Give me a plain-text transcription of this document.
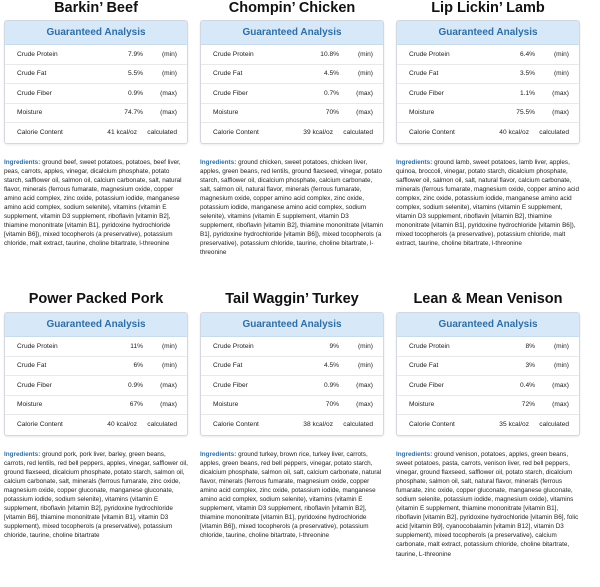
Barkin’ Beef
Guaranteed Analysis
Crude Protein	7.9%	(min)
Crude Fat	5.5%	(min)
Crude Fiber	0.9%	(max)
Moisture	74.7%	(max)
Calorie Content	41 kcal/oz	calculated
Ingredients: ground beef, sweet potatoes, potatoes, beef liver, peas, carrots, apples, vinegar, dicalcium phosphate, potato starch, safflower oil, salmon oil, calcium carbonate, salt, natural flavor, minerals (ferrous fumarate, magnesium oxide, copper amino acid complex, zinc oxide, potassium iodide, manganese amino acid complex, sodium selenite), vitamins (vitamin E supplement, vitamin D3 supplement, riboflavin [vitamin B2], thiamine mononitrate [vitamin B1], pyridoxine hydrochloride [vitamin B6]), mixed tocopherols (a preservative), potassium chloride, malt extract, taurine, choline bitartrate, l-threonine
Chompin’ Chicken
Guaranteed Analysis
Crude Protein	10.8%	(min)
Crude Fat	4.5%	(min)
Crude Fiber	0.7%	(max)
Moisture	70%	(max)
Calorie Content	39 kcal/oz	calculated
Ingredients: ground chicken, sweet potatoes, chicken liver, apples, green beans, red lentils, ground flaxseed, vinegar, potato starch, safflower oil, dicalcium phosphate, calcium carbonate, salt, salmon oil, natural flavor, minerals (ferrous fumarate, magnesium oxide, copper amino acid complex, zinc oxide, potassium iodide, manganese amino acid complex, sodium selenite), vitamins (vitamin E supplement, vitamin D3 supplement, riboflavin [vitamin B2], thiamine mononitrate [vitamin B1], pyridoxine hydrochloride [vitamin B6]), mixed tocopherols (a preservative), potassium chloride, taurine, choline bitartrate, l-threonine
Lip Lickin’ Lamb
Guaranteed Analysis
Crude Protein	6.4%	(min)
Crude Fat	3.5%	(min)
Crude Fiber	1.1%	(max)
Moisture	75.5%	(max)
Calorie Content	40 kcal/oz	calculated
Ingredients: ground lamb, sweet potatoes, lamb liver, apples, quinoa, broccoli, vinegar, potato starch, dicalcium phosphate, safflower oil, salmon oil, salt, natural flavor, calcium carbonate, minerals (ferrous fumarate, magnesium oxide, copper amino acid complex, zinc oxide, potassium iodide, manganese amino acid complex, sodium selenite), vitamins (vitamin E supplement, vitamin D3 supplement, riboflavin [vitamin B2], thiamine mononitrate [vitamin B1], pyridoxine hydrochloride [vitamin B6]), mixed tocopherols (a preservative), potassium chloride, malt extract, taurine, choline bitartrate, l-threonine
Power Packed Pork
Guaranteed Analysis
Crude Protein	11%	(min)
Crude Fat	6%	(min)
Crude Fiber	0.9%	(max)
Moisture	67%	(max)
Calorie Content	40 kcal/oz	calculated
Ingredients: ground pork, pork liver, barley, green beans, carrots, red lentils, red bell peppers, apples, vinegar, safflower oil, ground flaxseed, dicalcium phosphate, potato starch, salmon oil, calcium carbonate, salt, minerals (ferrous fumarate, zinc oxide, magnesium oxide, copper gluconate, manganese gluconate, potassium iodide, sodium selenite), vitamins (vitamin E supplement, riboflavin [vitamin B2], pyridoxine hydrochloride [vitamin B6], thiamine mononitrate [vitamin B1], vitamin D3 supplement), mixed tocopherols (a preservative), potassium chloride, taurine, choline bitartrate
Tail Waggin’ Turkey
Guaranteed Analysis
Crude Protein	9%	(min)
Crude Fat	4.5%	(min)
Crude Fiber	0.9%	(max)
Moisture	70%	(max)
Calorie Content	38 kcal/oz	calculated
Ingredients: ground turkey, brown rice, turkey liver, carrots, apples, green beans, red bell peppers, vinegar, potato starch, dicalcium phosphate, salmon oil, salt, calcium carbonate, natural flavor, minerals (ferrous fumarate, magnesium oxide, copper amino acid complex, zinc oxide, potassium iodide, manganese amino acid complex, sodium selenite), vitamins (vitamin E supplement, vitamin D3 supplement, riboflavin [vitamin B2], thiamine mononitrate [vitamin B1], pyridoxine hydrochloride [vitamin B6]), mixed tocopherols (a preservative), potassium chloride, taurine, choline bitartrate, l-threonine
Lean & Mean Venison
Guaranteed Analysis
Crude Protein	8%	(min)
Crude Fat	3%	(min)
Crude Fiber	0.4%	(max)
Moisture	72%	(max)
Calorie Content	35 kcal/oz	calculated
Ingredients: ground venison, potatoes, apples, green beans, sweet potatoes, pasta, carrots, venison liver, red bell peppers, vinegar, ground flaxseed, safflower oil, potato starch, dicalcium phosphate, salmon oil, salt, natural flavor, minerals (ferrous fumarate, zinc oxide, copper gluconate, manganese gluconate, sodium selenite, potassium iodide, magnesium oxide), vitamins (vitamin E supplement, thiamine mononitrate [vitamin B1], riboflavin [vitamin B2], pyridoxine hydrochloride [vitamin B6], folic acid [vitamin B9], cyanocobalamin [vitamin B12], vitamin D3 supplement), mixed tocopherols (a preservative), calcium carbonate, malt extract, potassium chloride, choline bitartrate, taurine, L-threonine
